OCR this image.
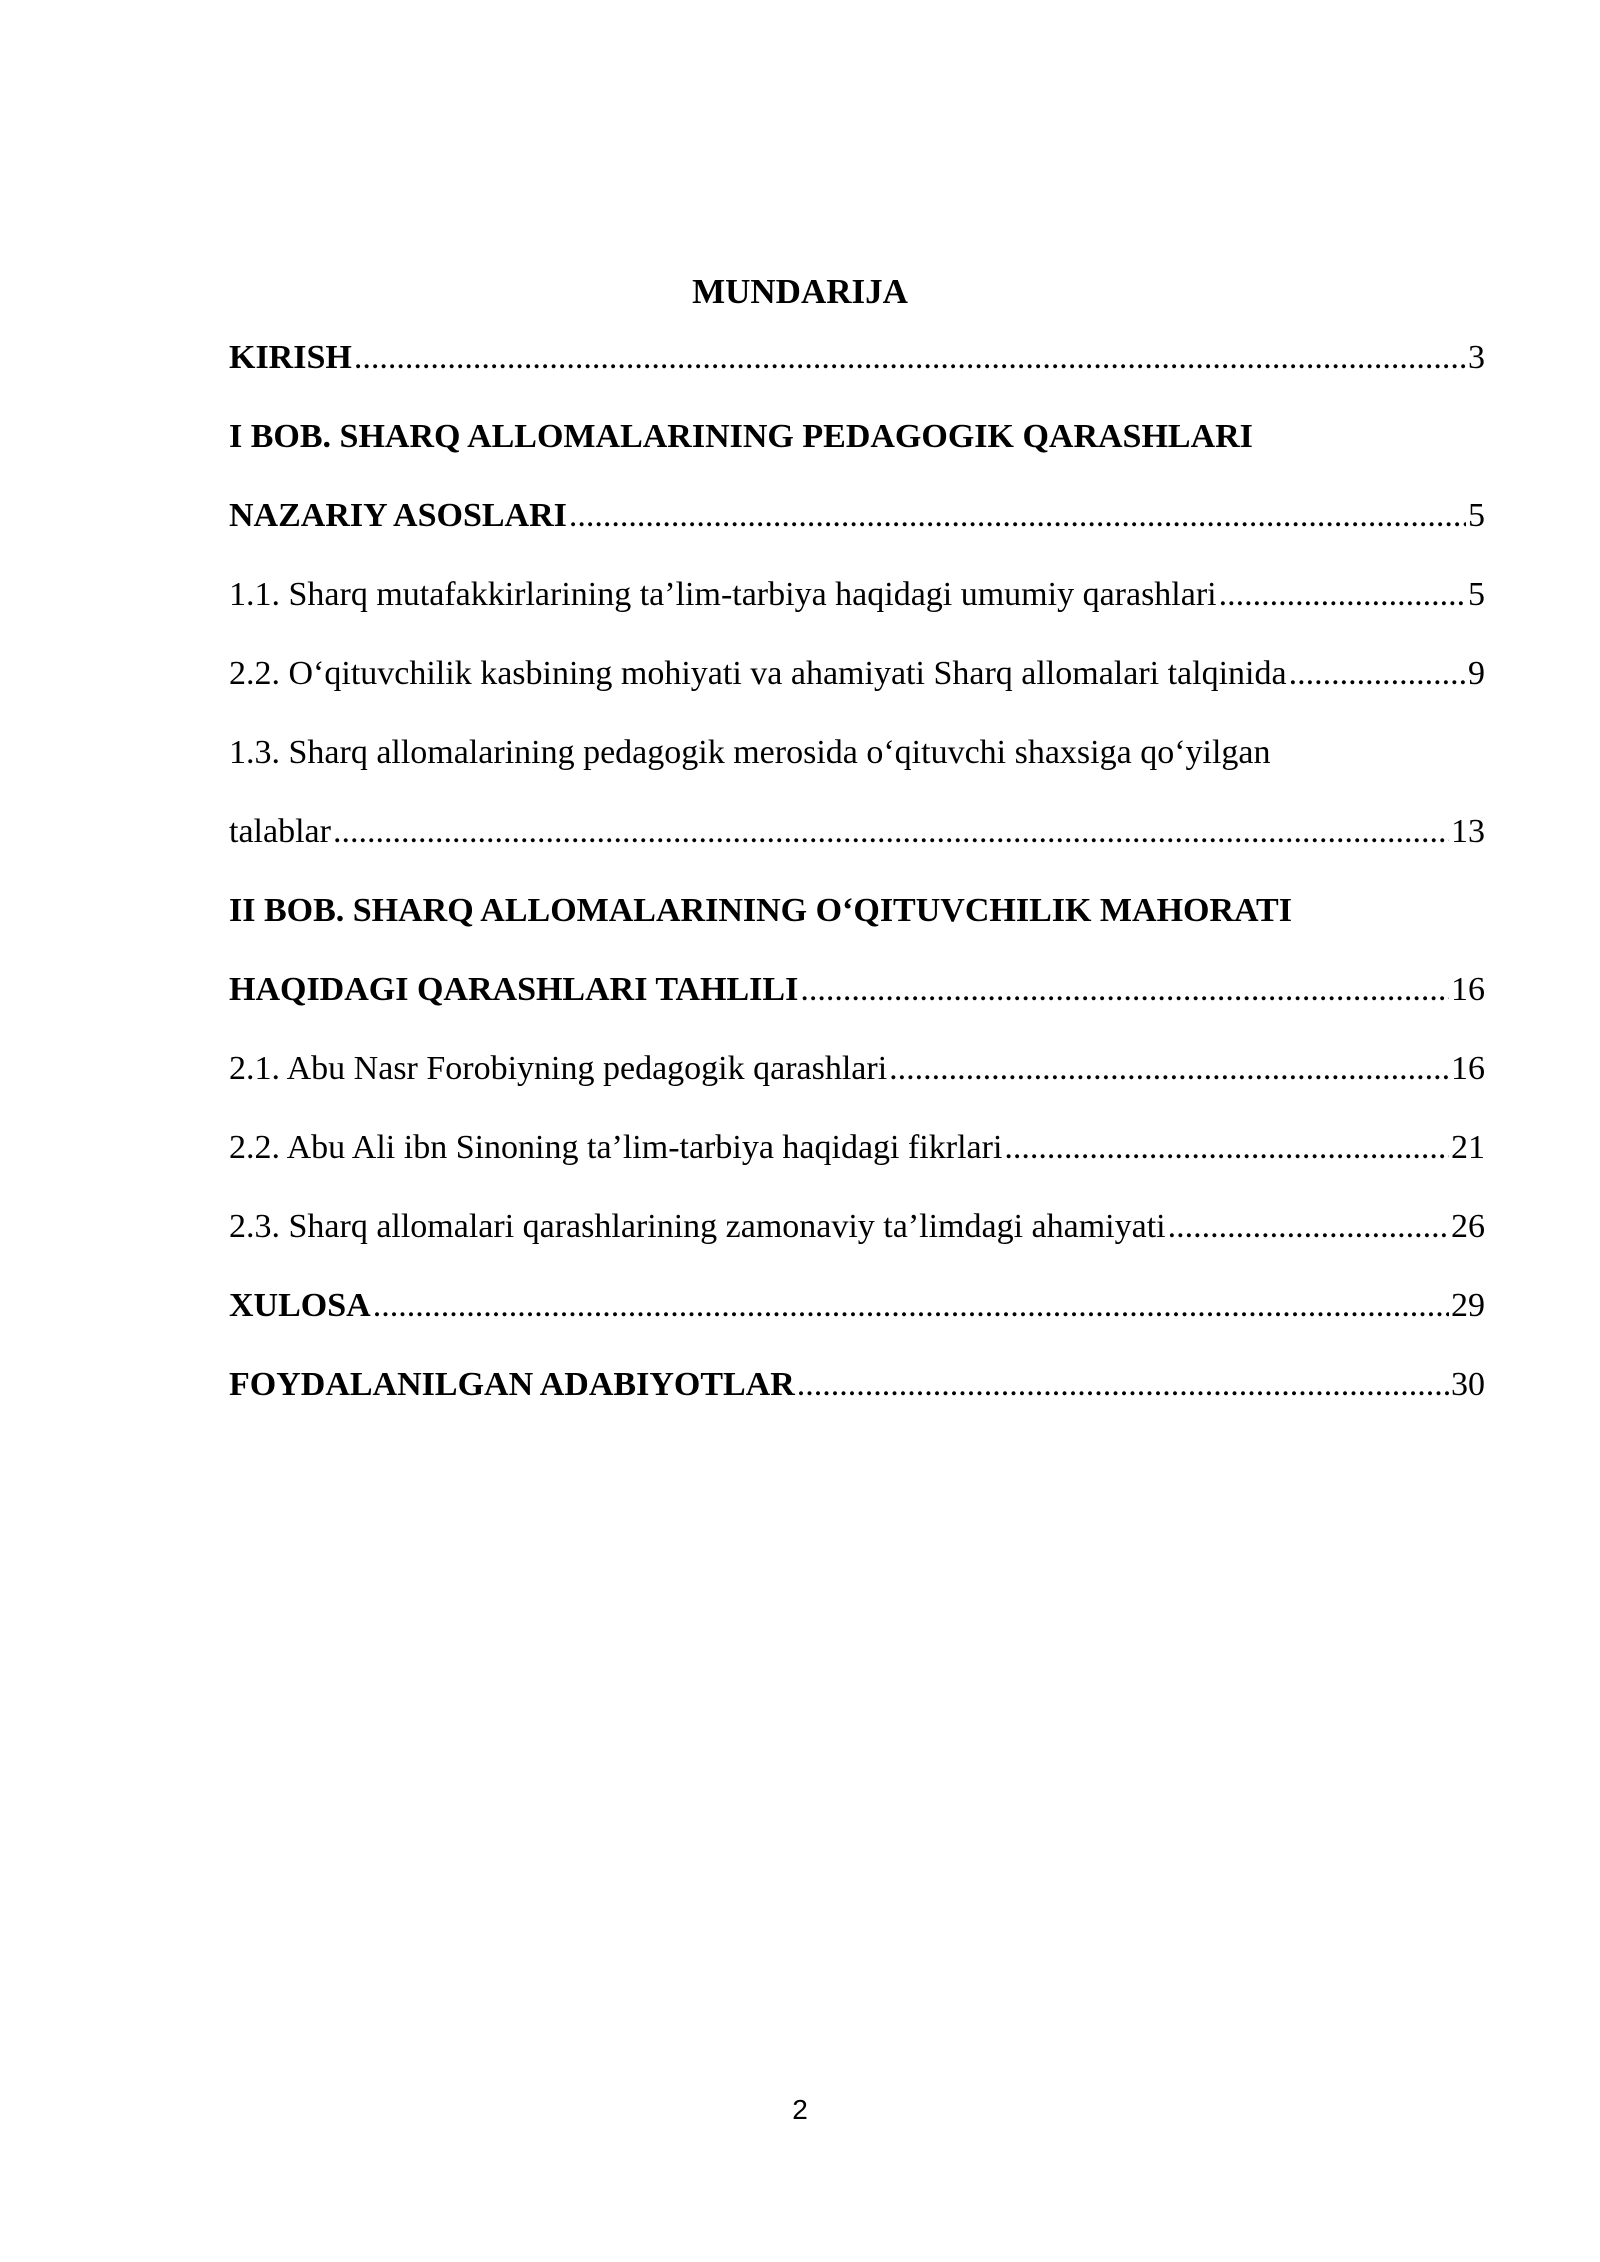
MUNDARIJA
KIRISH .....	3
I BOB. SHARQ ALLOMALARINING PEDAGOGIK QARASHLARI
NAZARIY ASOSLARI .....	5
1.1. Sharq mutafakkirlarining ta’lim-tarbiya haqidagi umumiy qarashlari .....	5
2.2. O‘qituvchilik kasbining mohiyati va ahamiyati Sharq allomalari talqinida .....	9
1.3. Sharq allomalarining pedagogik merosida o‘qituvchi shaxsiga qo‘yilgan
talablar .....	13
II BOB. SHARQ ALLOMALARINING O‘QITUVCHILIK MAHORATI
HAQIDAGI QARASHLARI TAHLILI .....	16
2.1. Abu Nasr Forobiyning pedagogik qarashlari .....	16
2.2. Abu Ali ibn Sinoning ta’lim-tarbiya haqidagi fikrlari .....	21
2.3. Sharq allomalari qarashlarining zamonaviy ta’limdagi ahamiyati .....	26
XULOSA .....	29
FOYDALANILGAN ADABIYOTLAR .....	30
2
